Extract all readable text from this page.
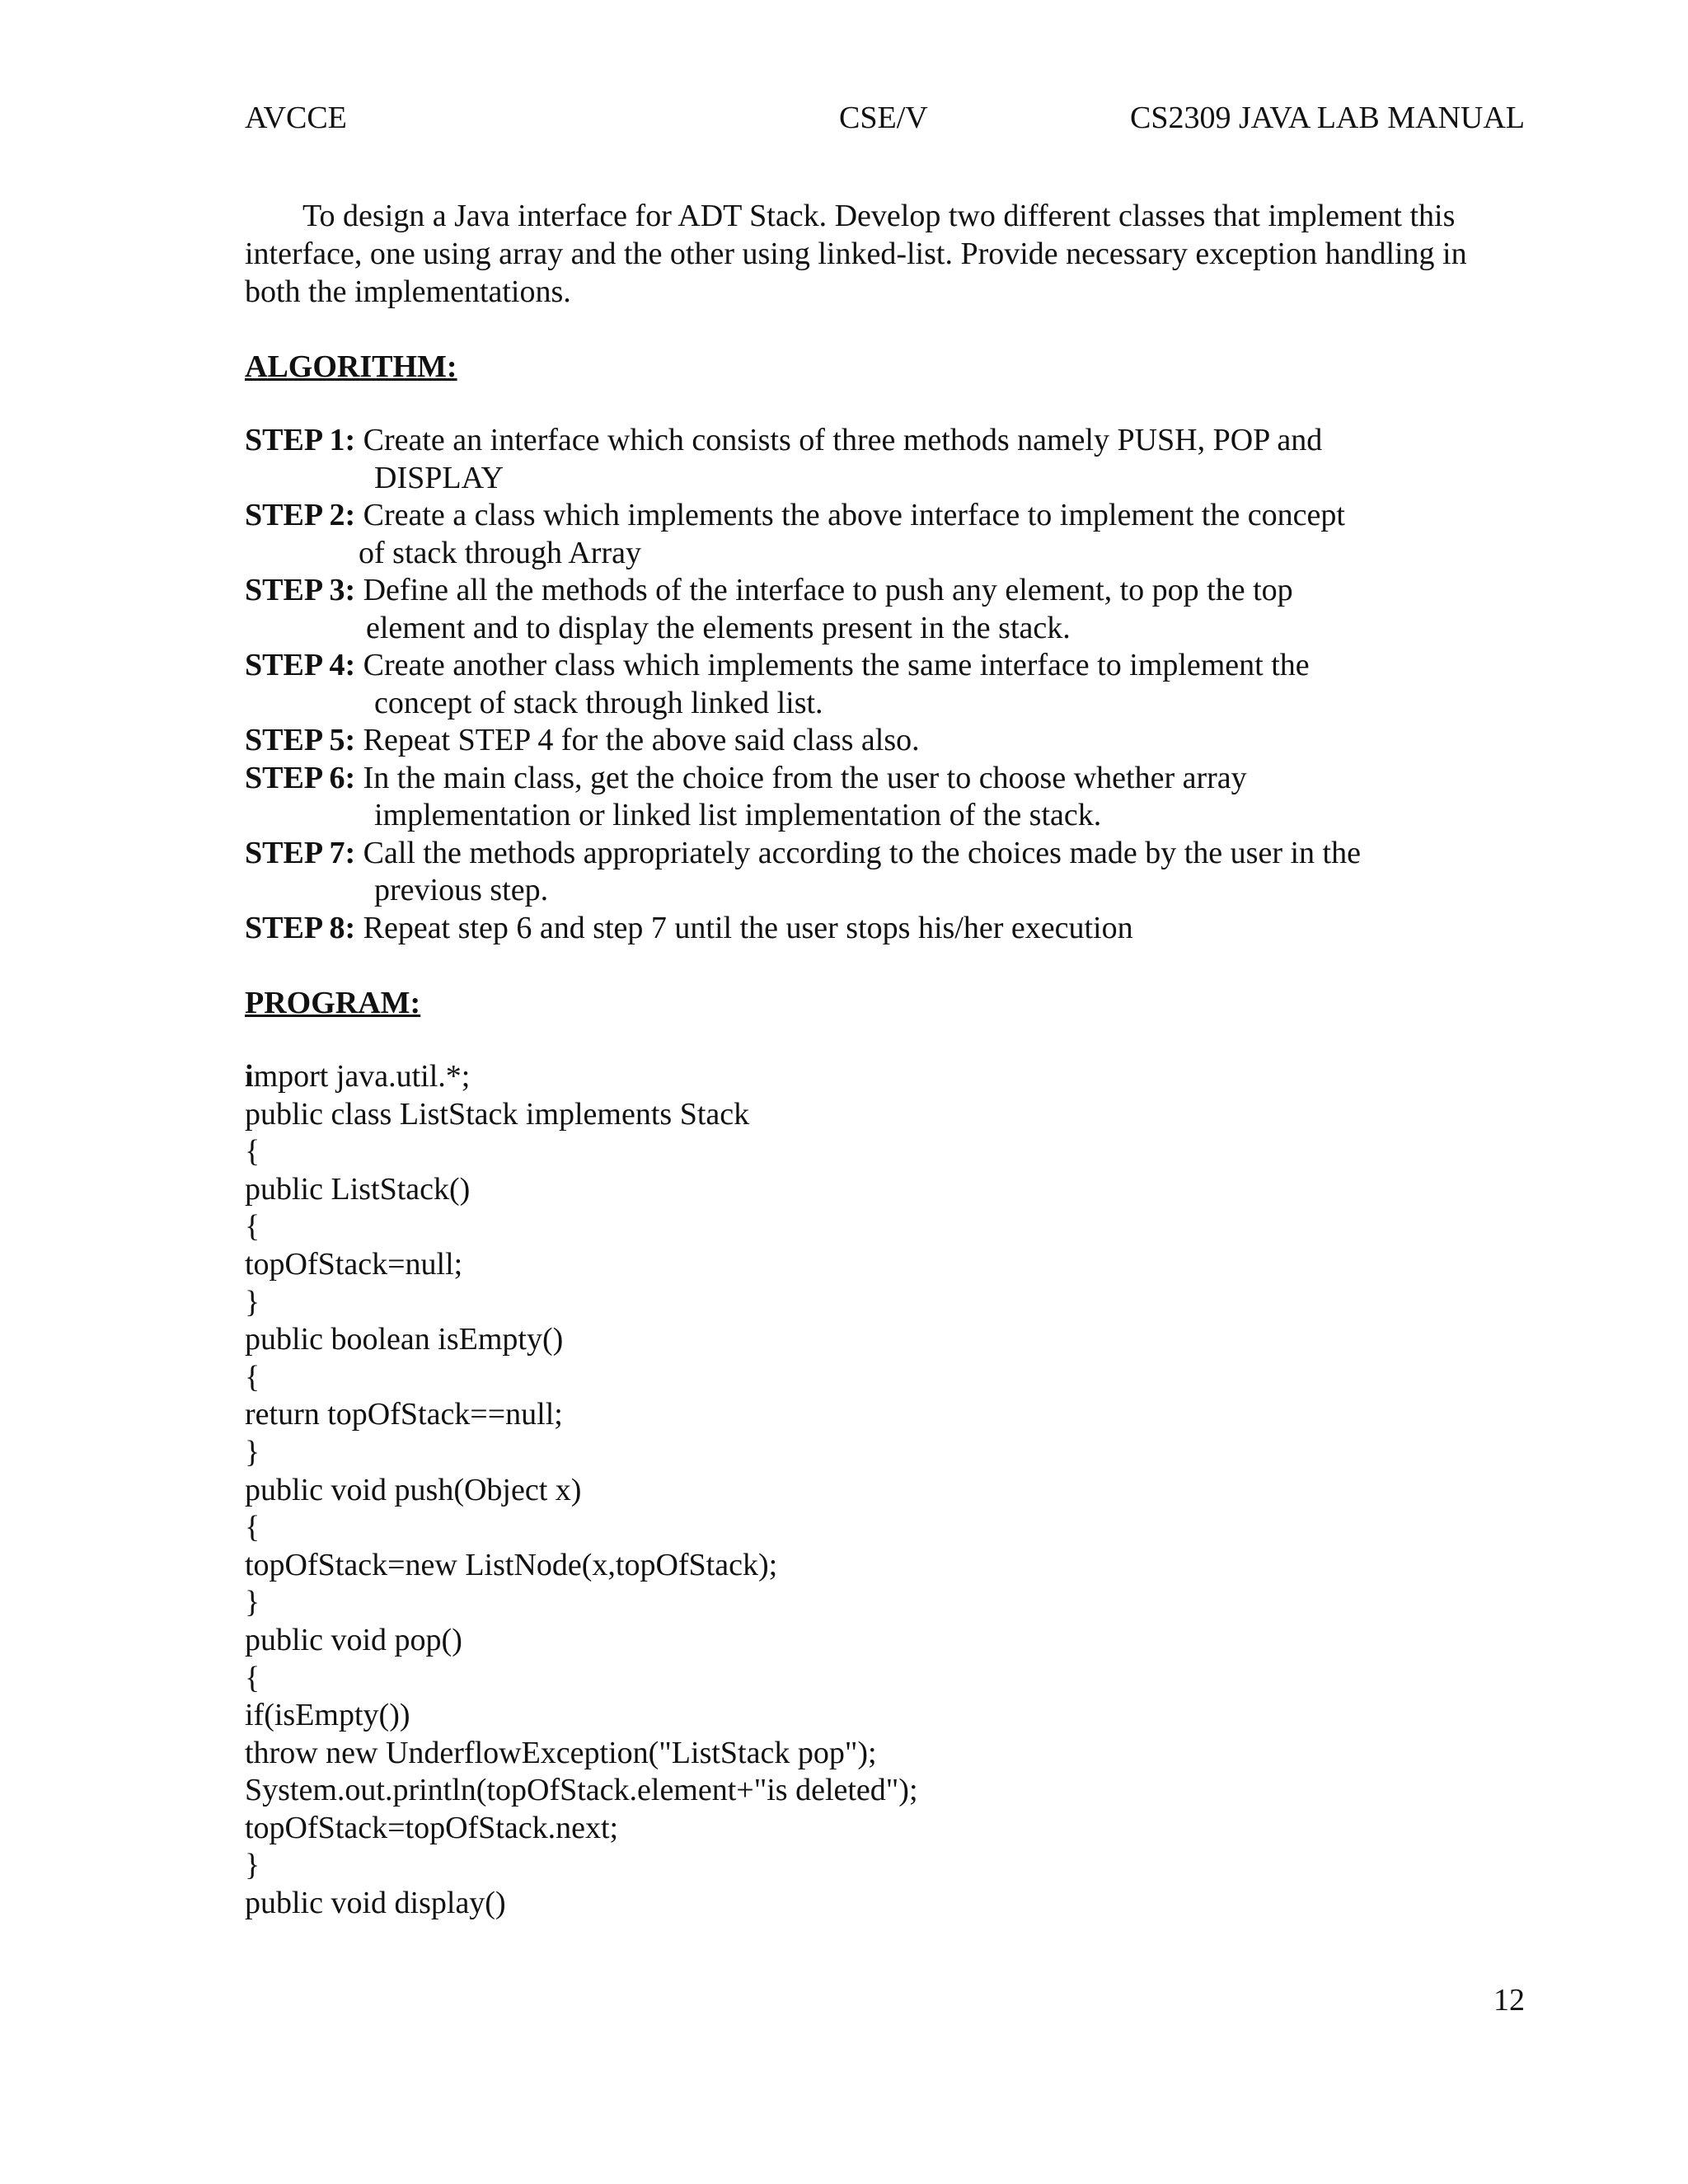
AVCCE	CSE/V	CS2309 JAVA LAB MANUAL
To design a Java interface for ADT Stack. Develop two different classes that implement this
interface, one using array and the other using linked-list. Provide necessary exception handling in
both the implementations.
ALGORITHM:
STEP 1: Create an interface which consists of three methods namely PUSH, POP and
DISPLAY
STEP 2: Create a class which implements the above interface to implement the concept
of stack through Array
STEP 3: Define all the methods of the interface to push any element, to pop the top
element and to display the elements present in the stack.
STEP 4: Create another class which implements the same interface to implement the
concept of stack through linked list.
STEP 5: Repeat STEP 4 for the above said class also.
STEP 6: In the main class, get the choice from the user to choose whether array
implementation or linked list implementation of the stack.
STEP 7: Call the methods appropriately according to the choices made by the user in the
previous step.
STEP 8: Repeat step 6 and step 7 until the user stops his/her execution
PROGRAM:
import java.util.*;
public class ListStack implements Stack
{
public ListStack()
{
topOfStack=null;
}
public boolean isEmpty()
{
return topOfStack==null;
}
public void push(Object x)
{
topOfStack=new ListNode(x,topOfStack);
}
public void pop()
{
if(isEmpty())
throw new UnderflowException("ListStack pop");
System.out.println(topOfStack.element+"is deleted");
topOfStack=topOfStack.next;
}
public void display()
12
